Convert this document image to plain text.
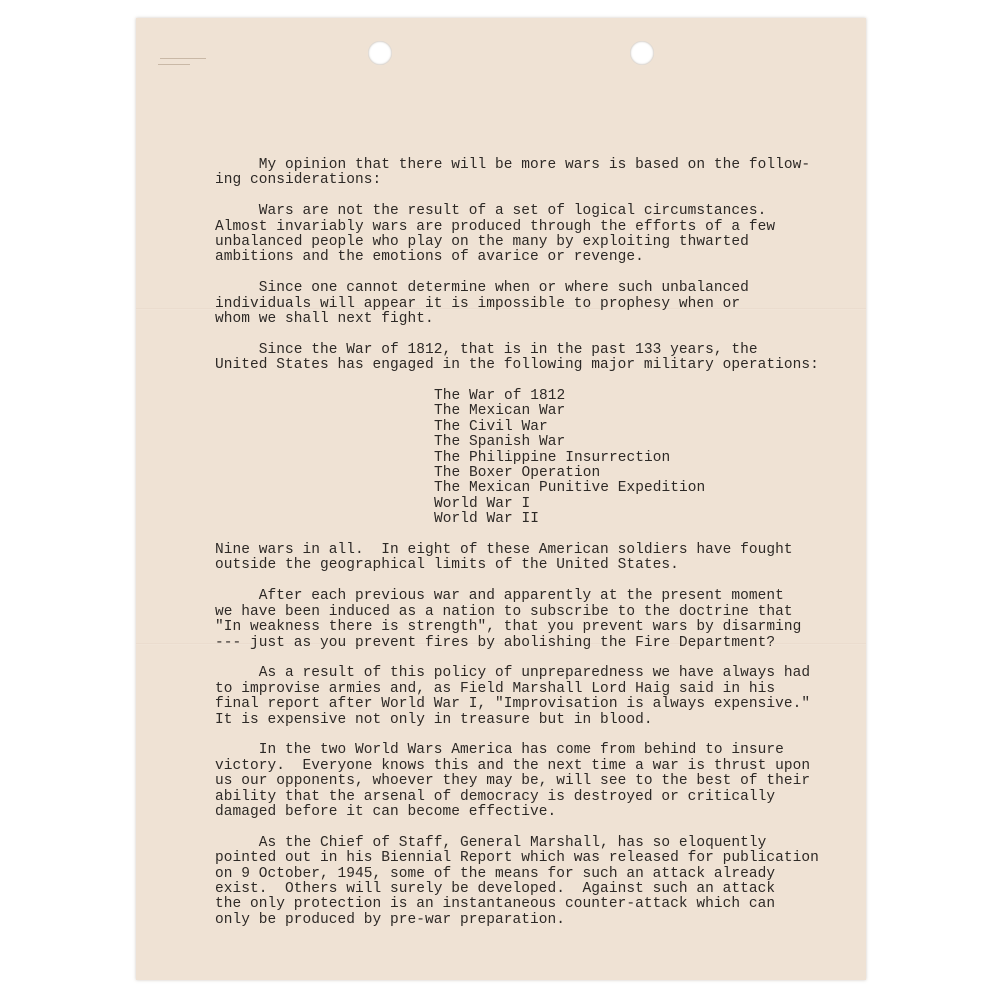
My opinion that there will be more wars is based on the follow-
ing considerations:
Wars are not the result of a set of logical circumstances.
Almost invariably wars are produced through the efforts of a few
unbalanced people who play on the many by exploiting thwarted
ambitions and the emotions of avarice or revenge.
Since one cannot determine when or where such unbalanced
individuals will appear it is impossible to prophesy when or
whom we shall next fight.
Since the War of 1812, that is in the past 133 years, the
United States has engaged in the following major military operations:
The War of 1812
The Mexican War
The Civil War
The Spanish War
The Philippine Insurrection
The Boxer Operation
The Mexican Punitive Expedition
World War I
World War II
Nine wars in all.  In eight of these American soldiers have fought
outside the geographical limits of the United States.
After each previous war and apparently at the present moment
we have been induced as a nation to subscribe to the doctrine that
"In weakness there is strength", that you prevent wars by disarming
--- just as you prevent fires by abolishing the Fire Department?
As a result of this policy of unpreparedness we have always had
to improvise armies and, as Field Marshall Lord Haig said in his
final report after World War I, "Improvisation is always expensive."
It is expensive not only in treasure but in blood.
In the two World Wars America has come from behind to insure
victory.  Everyone knows this and the next time a war is thrust upon
us our opponents, whoever they may be, will see to the best of their
ability that the arsenal of democracy is destroyed or critically
damaged before it can become effective.
As the Chief of Staff, General Marshall, has so eloquently
pointed out in his Biennial Report which was released for publication
on 9 October, 1945, some of the means for such an attack already
exist.  Others will surely be developed.  Against such an attack
the only protection is an instantaneous counter-attack which can
only be produced by pre-war preparation.
